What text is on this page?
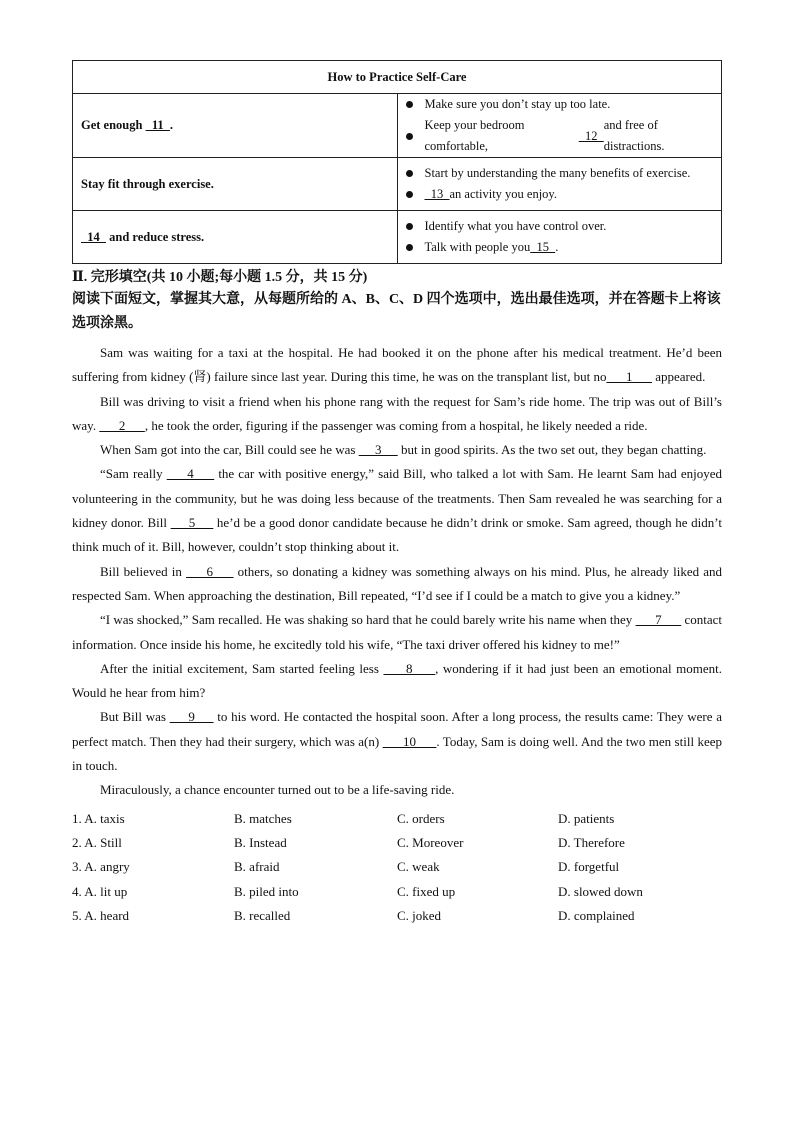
How to Practice Self-Care	
Get enough   11  .	Make sure you don’t stay up too late.
Keep your bedroom comfortable,
12
and free of distractions.

Stay fit through exercise.	Start by understanding the many benefits of exercise.
13 an activity you enjoy.

14   and reduce stress.	Identify what you have control over.
Talk with people you 15 .
Ⅱ. 完形填空(共 10 小题;每小题 1.5 分，共 15 分)
阅读下面短文，掌握其大意，从每题所给的 A、B、C、D 四个选项中，选出最佳选项，并在答题卡上将该选项涂黑。

Sam was waiting for a taxi at the hospital. He had booked it on the phone after his medical treatment. He’d been suffering from kidney (肾) failure since last year. During this time, he was on the transplant list, but no      1       appeared.

Bill was driving to visit a friend when his phone rang with the request for Sam’s ride home. The trip was out of Bill’s way.       2      , he took the order, figuring if the passenger was coming from a hospital, he likely needed a ride.

When Sam got into the car, Bill could see he was      3      but in good spirits. As the two set out, they began chatting.

“Sam really      4      the car with positive energy,” said Bill, who talked a lot with Sam. He learnt Sam had enjoyed volunteering in the community, but he was doing less because of the treatments. Then Sam revealed he was searching for a kidney donor. Bill      5      he’d be a good donor candidate because he didn’t drink or smoke. Sam agreed, though he didn’t think much of it. Bill, however, couldn’t stop thinking about it.

Bill believed in      6      others, so donating a kidney was something always on his mind. Plus, he already liked and respected Sam. When approaching the destination, Bill repeated, “I’d see if I could be a match to give you a kidney.”

“I was shocked,” Sam recalled. He was shaking so hard that he could barely write his name when they       7       contact information. Once inside his home, he excitedly told his wife, “The taxi driver offered his kidney to me!”

After the initial excitement, Sam started feeling less      8     , wondering if it had just been an emotional moment. Would he hear from him?

But Bill was      9      to his word. He contacted the hospital soon. After a long process, the results came: They were a perfect match. Then they had their surgery, which was a(n)       10      . Today, Sam is doing well. And the two men still keep in touch.

Miraculously, a chance encounter turned out to be a life-saving ride.

1. A. taxis	B. matches	C. orders	D. patients
2. A. Still	B. Instead	C. Moreover	D. Therefore
3. A. angry	B. afraid	C. weak	D. forgetful
4. A. lit up	B. piled into	C. fixed up	D. slowed down
5. A. heard	B. recalled	C. joked	D. complained
